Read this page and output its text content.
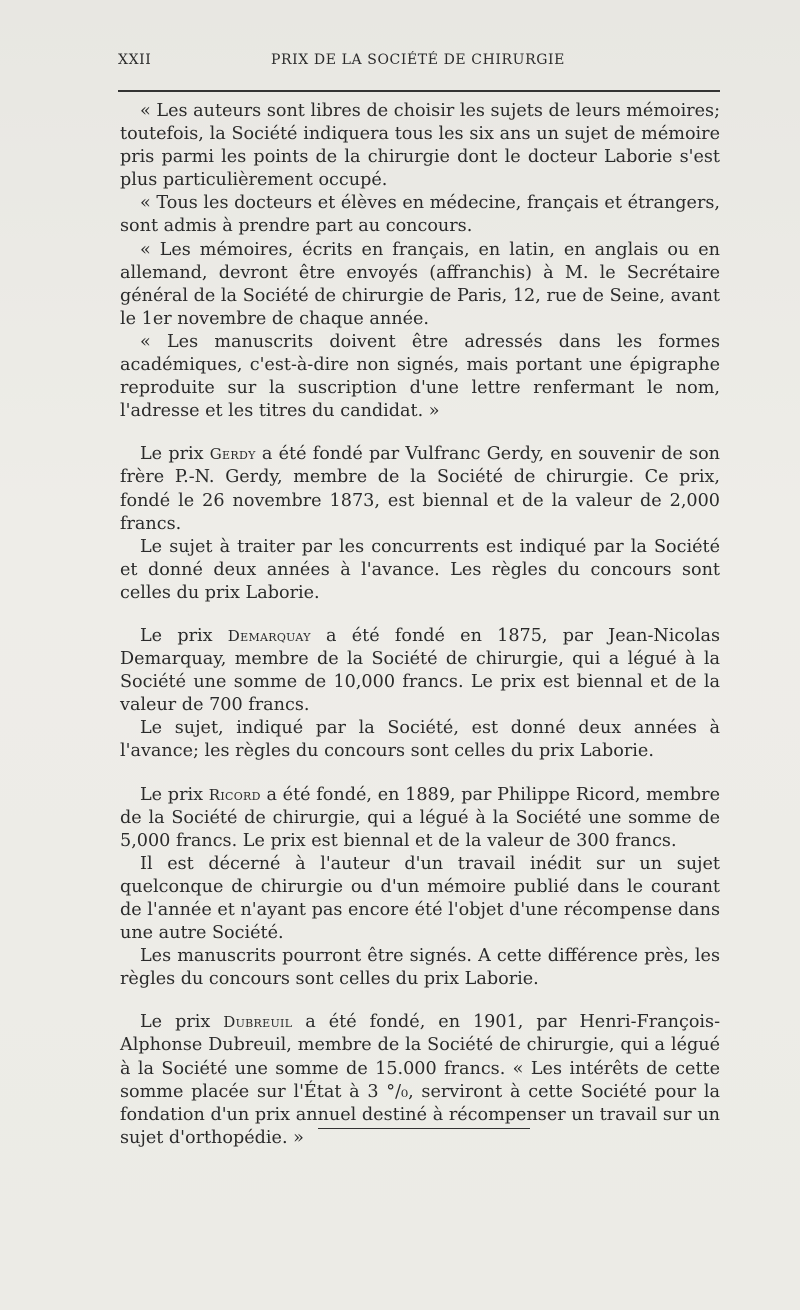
XXII	PRIX DE LA SOCIÉTÉ DE CHIRURGIE

« Les auteurs sont libres de choisir les sujets de leurs mémoires; toutefois, la Société indiquera tous les six ans un sujet de mémoire pris parmi les points de la chirurgie dont le docteur Laborie s'est plus particulièrement occupé.

« Tous les docteurs et élèves en médecine, français et étrangers, sont admis à prendre part au concours.

« Les mémoires, écrits en français, en latin, en anglais ou en allemand, devront être envoyés (affranchis) à M. le Secrétaire général de la Société de chirurgie de Paris, 12, rue de Seine, avant le 1er novembre de chaque année.

« Les manuscrits doivent être adressés dans les formes académiques, c'est-à-dire non signés, mais portant une épigraphe reproduite sur la suscription d'une lettre renfermant le nom, l'adresse et les titres du candidat. »

Le prix Gerdy a été fondé par Vulfranc Gerdy, en souvenir de son frère P.-N. Gerdy, membre de la Société de chirurgie. Ce prix, fondé le 26 novembre 1873, est biennal et de la valeur de 2,000 francs.

Le sujet à traiter par les concurrents est indiqué par la Société et donné deux années à l'avance. Les règles du concours sont celles du prix Laborie.

Le prix Demarquay a été fondé en 1875, par Jean-Nicolas Demarquay, membre de la Société de chirurgie, qui a légué à la Société une somme de 10,000 francs. Le prix est biennal et de la valeur de 700 francs.

Le sujet, indiqué par la Société, est donné deux années à l'avance; les règles du concours sont celles du prix Laborie.

Le prix Ricord a été fondé, en 1889, par Philippe Ricord, membre de la Société de chirurgie, qui a légué à la Société une somme de 5,000 francs. Le prix est biennal et de la valeur de 300 francs.

Il est décerné à l'auteur d'un travail inédit sur un sujet quelconque de chirurgie ou d'un mémoire publié dans le courant de l'année et n'ayant pas encore été l'objet d'une récompense dans une autre Société.

Les manuscrits pourront être signés. A cette différence près, les règles du concours sont celles du prix Laborie.

Le prix Dubreuil a été fondé, en 1901, par Henri-François-Alphonse Dubreuil, membre de la Société de chirurgie, qui a légué à la Société une somme de 15.000 francs. « Les intérêts de cette somme placée sur l'État à 3 °/₀, serviront à cette Société pour la fondation d'un prix annuel destiné à récompenser un travail sur un sujet d'orthopédie. »
